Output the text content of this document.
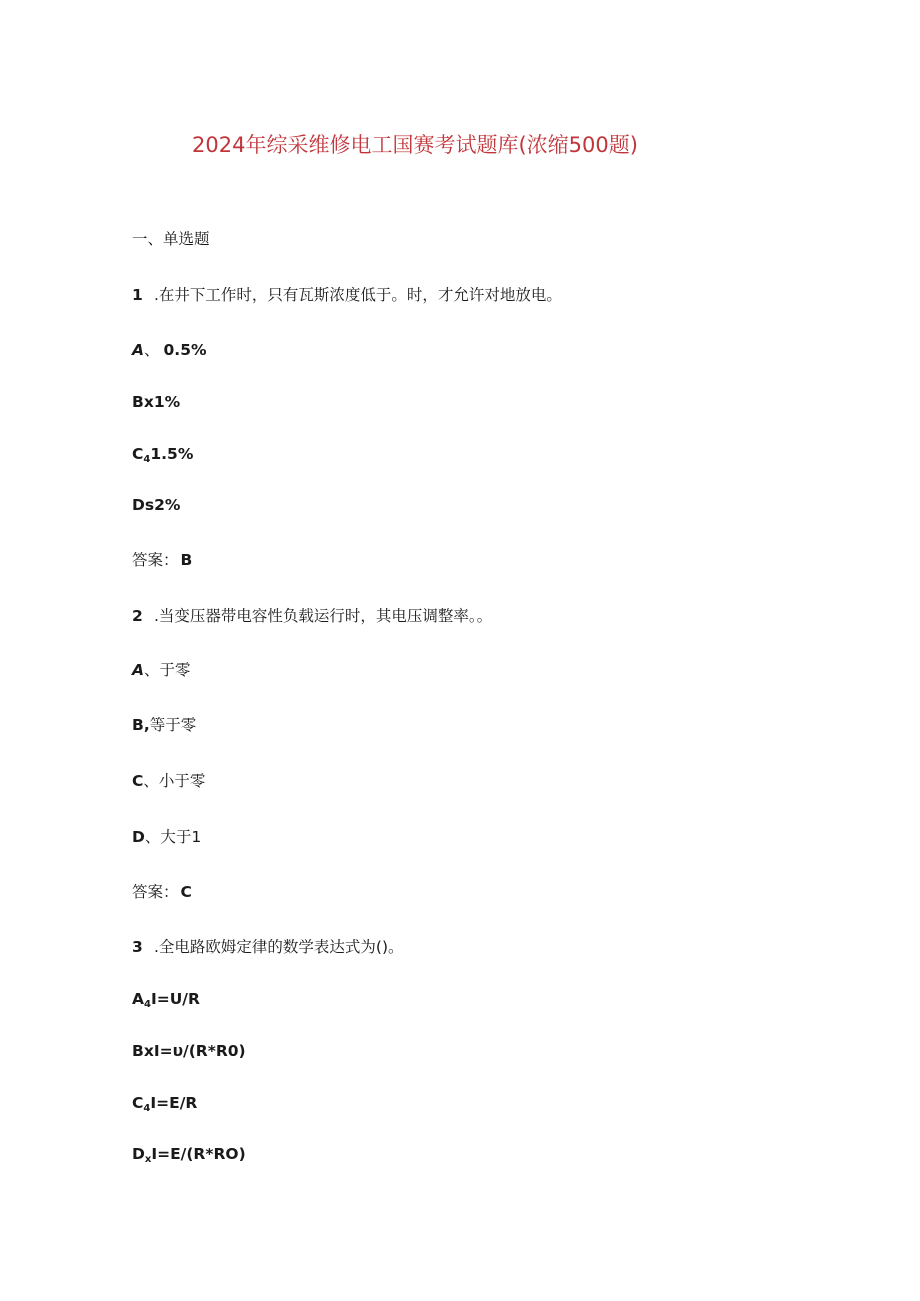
2024年综采维修电工国赛考试题库(浓缩500题)
一、单选题
1 .在井下工作时，只有瓦斯浓度低于。时，才允许对地放电。
A、 0.5%
Bx1%
$C_41.5\%$
Ds2%
答案： B
2 .当变压器带电容性负载运行时，其电压调整率。。
A、于零
B,等于零
C、小于零
D、大于1
答案： C
3 .全电路欧姆定律的数学表达式为()。
$A_4I=U/R$
BxI=υ/(R*R0)
$C_4I=E/R$
$D_xI=E/(R*RO)$
